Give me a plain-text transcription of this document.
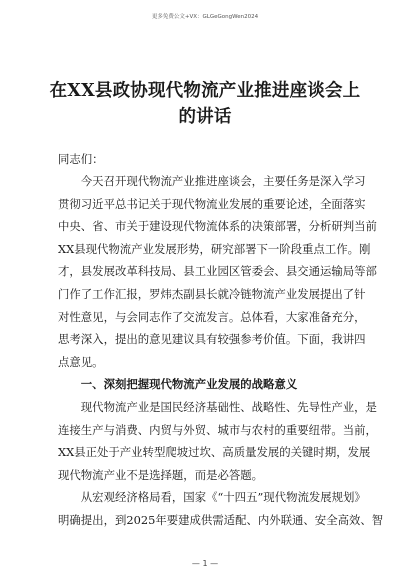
更多免费公文+VX：GLGeGongWen2024
在XX县政协现代物流产业推进座谈会上
的讲话
同志们：
　　今天召开现代物流产业推进座谈会，主要任务是深入学习
贯彻习近平总书记关于现代物流业发展的重要论述，全面落实
中央、省、市关于建设现代物流体系的决策部署，分析研判当前
XX县现代物流产业发展形势，研究部署下一阶段重点工作。刚
才，县发展改革科技局、县工业园区管委会、县交通运输局等部
门作了工作汇报，罗炜杰副县长就冷链物流产业发展提出了针
对性意见，与会同志作了交流发言。总体看，大家准备充分，
思考深入，提出的意见建议具有较强参考价值。下面，我讲四
点意见。
　　一、深刻把握现代物流产业发展的战略意义
　　现代物流产业是国民经济基础性、战略性、先导性产业，是
连接生产与消费、内贸与外贸、城市与农村的重要纽带。当前，
XX县正处于产业转型爬坡过坎、高质量发展的关键时期，发展
现代物流产业不是选择题，而是必答题。
　　从宏观经济格局看，国家《“十四五”现代物流发展规划》
明确提出，到2025年要建成供需适配、内外联通、安全高效、智
— 1 —
